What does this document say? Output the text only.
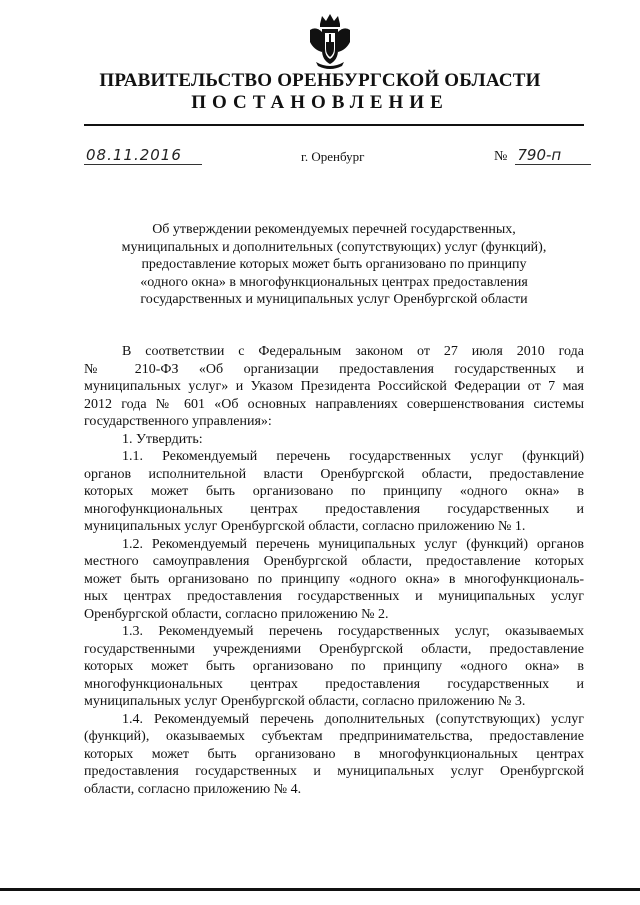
ПРАВИТЕЛЬСТВО ОРЕНБУРГСКОЙ ОБЛАСТИ
ПОСТАНОВЛЕНИЕ
08.11.2016	г. Оренбург	№ 790-п
Об утверждении рекомендуемых перечней государственных,
муниципальных и дополнительных (сопутствующих) услуг (функций),
предоставление которых может быть организовано по принципу
«одного окна» в многофункциональных центрах предоставления
государственных и муниципальных услуг Оренбургской области
В соответствии с Федеральным законом от 27 июля 2010 года
№ 210-ФЗ «Об организации предоставления государственных и
муниципальных услуг» и Указом Президента Российской Федерации от 7 мая
2012 года № 601 «Об основных направлениях совершенствования системы
государственного управления»:
1. Утвердить:
1.1. Рекомендуемый перечень государственных услуг (функций)
органов исполнительной власти Оренбургской области, предоставление
которых может быть организовано по принципу «одного окна» в
многофункциональных центрах предоставления государственных и
муниципальных услуг Оренбургской области, согласно приложению № 1.
1.2. Рекомендуемый перечень муниципальных услуг (функций) органов
местного самоуправления Оренбургской области, предоставление которых
может быть организовано по принципу «одного окна» в многофункциональ-
ных центрах предоставления государственных и муниципальных услуг
Оренбургской области, согласно приложению № 2.
1.3. Рекомендуемый перечень государственных услуг, оказываемых
государственными учреждениями Оренбургской области, предоставление
которых может быть организовано по принципу «одного окна» в
многофункциональных центрах предоставления государственных и
муниципальных услуг Оренбургской области, согласно приложению № 3.
1.4. Рекомендуемый перечень дополнительных (сопутствующих) услуг
(функций), оказываемых субъектам предпринимательства, предоставление
которых может быть организовано в многофункциональных центрах
предоставления государственных и муниципальных услуг Оренбургской
области, согласно приложению № 4.
